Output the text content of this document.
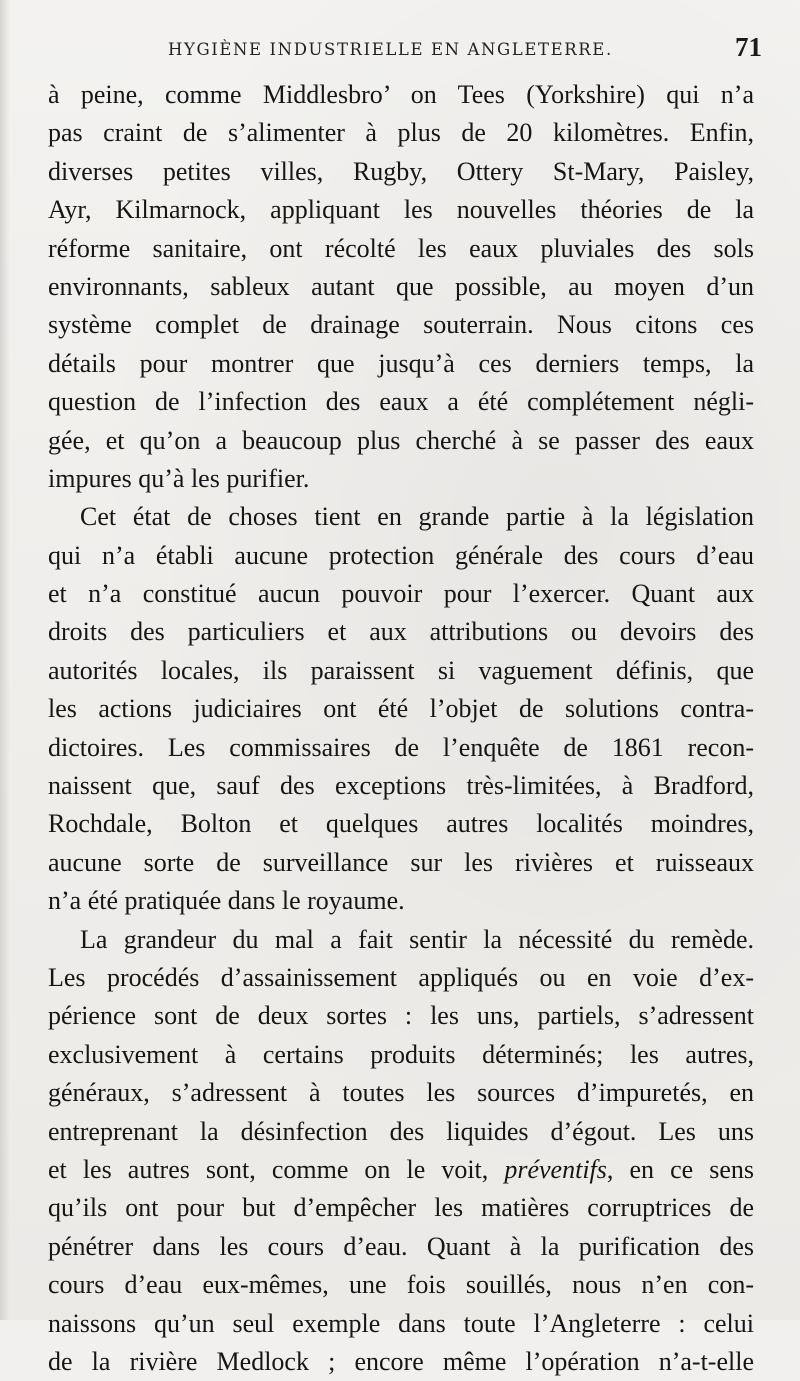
HYGIÈNE INDUSTRIELLE EN ANGLETERRE.	71
à peine, comme Middlesbro’ on Tees (Yorkshire) qui n’a
pas craint de s’alimenter à plus de 20 kilomètres. Enfin,
diverses petites villes, Rugby, Ottery St-Mary, Paisley,
Ayr, Kilmarnock, appliquant les nouvelles théories de la
réforme sanitaire, ont récolté les eaux pluviales des sols
environnants, sableux autant que possible, au moyen d’un
système complet de drainage souterrain. Nous citons ces
détails pour montrer que jusqu’à ces derniers temps, la
question de l’infection des eaux a été complétement négli-
gée, et qu’on a beaucoup plus cherché à se passer des eaux
impures qu’à les purifier.
Cet état de choses tient en grande partie à la législation
qui n’a établi aucune protection générale des cours d’eau
et n’a constitué aucun pouvoir pour l’exercer. Quant aux
droits des particuliers et aux attributions ou devoirs des
autorités locales, ils paraissent si vaguement définis, que
les actions judiciaires ont été l’objet de solutions contra-
dictoires. Les commissaires de l’enquête de 1861 recon-
naissent que, sauf des exceptions très-limitées, à Bradford,
Rochdale, Bolton et quelques autres localités moindres,
aucune sorte de surveillance sur les rivières et ruisseaux
n’a été pratiquée dans le royaume.
La grandeur du mal a fait sentir la nécessité du remède.
Les procédés d’assainissement appliqués ou en voie d’ex-
périence sont de deux sortes : les uns, partiels, s’adressent
exclusivement à certains produits déterminés; les autres,
généraux, s’adressent à toutes les sources d’impuretés, en
entreprenant la désinfection des liquides d’égout. Les uns
et les autres sont, comme on le voit, préventifs, en ce sens
qu’ils ont pour but d’empêcher les matières corruptrices de
pénétrer dans les cours d’eau. Quant à la purification des
cours d’eau eux-mêmes, une fois souillés, nous n’en con-
naissons qu’un seul exemple dans toute l’Angleterre : celui
de la rivière Medlock ; encore même l’opération n’a-t-elle
